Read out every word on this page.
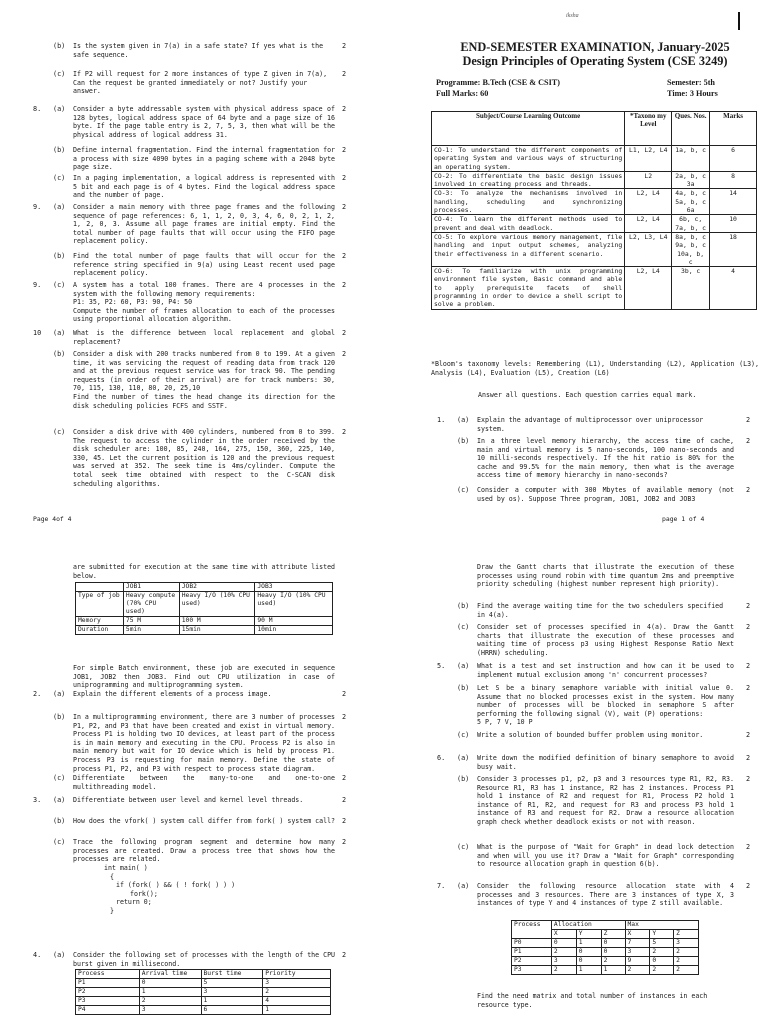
iksha
END-SEMESTER EXAMINATION, January-2025
Design Principles of Operating System (CSE 3249)
Programme: B.Tech (CSE & CSIT)	Semester: 5th
Full Marks: 60	Time: 3 Hours
Subject/Course Learning Outcome	*Taxono my Level	Ques. Nos.	Marks
CO-1: To understand the different components of operating System and various ways of structuring an operating system.	L1, L2, L4	1a, b, c	6
CO-2: To differentiate the basic design issues involved in creating process and threads.	L2	2a, b, c 3a	8
CO-3: To analyze the mechanisms involved in handling, scheduling and synchronizing processes.	L2, L4	4a, b, c 5a, b, c 6a	14
CO-4: To learn the different methods used to prevent and deal with deadlock.	L2, L4	6b, c, 7a, b, c	10
CO-5: To explore various memory management, file handling and input output schemes, analyzing their effectiveness in a different scenario.	L2, L3, L4	8a, b, c 9a, b, c 10a, b, c	18
CO-6: To familiarize with unix programming environment file system, Basic command and able to apply prerequisite facets of shell programming in order to device a shell script to solve a problem.	L2, L4	3b, c	4
*Bloom's taxonomy levels: Remembering (L1), Understanding (L2), Application (L3), Analysis (L4), Evaluation (L5), Creation (L6)
Answer all questions. Each question carries equal mark.
1. (a) Explain the advantage of multiprocessor over uniprocessor system.
2
(b) In a three level memory hierarchy, the access time of cache, main and virtual memory is 5 nano-seconds, 100 nano-seconds and 10 milli-seconds respectively. If the hit ratio is 80% for the cache and 99.5% for the main memory, then what is the average access time of memory hierarchy in nano-seconds?
2
(c) Consider a computer with 300 Mbytes of available memory (not used by os). Suppose Three program, JOB1, JOB2 and JOB3
2
page 1 of 4
(b) Is the system given in 7(a) in a safe state? If yes what is the safe sequence.
2
(c) If P2 will request for 2 more instances of type Z given in 7(a), Can the request be granted immediately or not? Justify your answer.
2
8. (a) Consider a byte addressable system with physical address space of 128 bytes, logical address space of 64 byte and a page size of 16 byte. If the page table entry is 2, 7, 5, 3, then what will be the physical address of logical address 31.
2
(b) Define internal fragmentation. Find the internal fragmentation for a process with size 4090 bytes in a paging scheme with a 2048 byte page size.
2
(c) In a paging implementation, a logical address is represented with 5 bit and each page is of 4 bytes. Find the logical address space and the number of page.
2
9. (a) Consider a main memory with three page frames and the following sequence of page references: 6, 1, 1, 2, 0, 3, 4, 6, 0, 2, 1, 2, 1, 2, 0, 3. Assume all page frames are initial empty. Find the total number of page faults that will occur using the FIFO page replacement policy.
2
(b) Find the total number of page faults that will occur for the reference string specified in 9(a) using Least recent used page replacement policy.
2
9. (c) A system has a total 100 frames. There are 4 processes in the system with the following memory requirements:
P1: 35, P2: 60, P3: 90, P4: 50
Compute the number of frames allocation to each of the processes using proportional allocation algorithm.
2
10 (a) What is the difference between local replacement and global replacement?
2
(b) Consider a disk with 200 tracks numbered from 0 to 199. At a given time, it was servicing the request of reading data from track 120 and at the previous request service was for track 90. The pending requests (in order of their arrival) are for track numbers: 30, 70, 115, 130, 110, 80, 20, 25,10
Find the number of times the head change its direction for the disk scheduling policies FCFS and SSTF.
2
(c) Consider a disk drive with 400 cylinders, numbered from 0 to 399. The request to access the cylinder in the order received by the disk scheduler are: 100, 85, 240, 164, 275, 150, 360, 225, 140, 330, 45. Let the current position is 120 and the previous request was served at 352. The seek time is 4ms/cylinder. Compute the total seek time obtained with respect to the C-SCAN disk scheduling algorithms.
2
Page 4of 4
are submitted for execution at the same time with attribute listed below.
	JOB1	JOB2	JOB3
Type of job	Heavy compute (70% CPU used)	Heavy I/O (10% CPU used)	Heavy I/O (10% CPU used)
Memory	75 M	100 M	90 M
Duration	5min	15min	10min
For simple Batch environment, these job are executed in sequence JOB1, JOB2 then JOB3. Find out CPU utilization in case of uniprogramming and multiprogramming system.
2. (a) Explain the different elements of a process image.	2
(b) In a multiprogramming environment, there are 3 number of processes P1, P2, and P3 that have been created and exist in virtual memory. Process P1 is holding two IO devices, at least part of the process is in main memory and executing in the CPU. Process P2 is also in main memory but wait for IO device which is held by process P1. Process P3 is requesting for main memory. Define the state of process P1, P2, and P3 with respect to process state diagram.
2
(c) Differentiate between the many-to-one and one-to-one multithreading model.
2
3. (a) Differentiate between user level and kernel level threads.	2
(b) How does the vfork( ) system call differ from fork( ) system call? 2
(c) Trace the following program segment and determine how many processes are created. Draw a process tree that shows how the processes are related.
2
int main( )
{
if (fork( ) && ( ! fork( ) ) )
fork();
return 0;
}
4. (a) Consider the following set of processes with the length of the CPU burst given in millisecond.
2
Process	Arrival time	Burst time	Priority
P1	0	5	3
P2	1	3	2
P3	2	1	4
P4	3	6	1
Draw the Gantt charts that illustrate the execution of these processes using round robin with time quantum 2ms and preemptive priority scheduling (highest number represent high priority).
(b) Find the average waiting time for the two schedulers specified in 4(a).
2
(c) Consider set of processes specified in 4(a). Draw the Gantt charts that illustrate the execution of these processes and waiting time of process p3 using Highest Response Ratio Next (HRRN) scheduling.
2
5. (a) What is a test and set instruction and how can it be used to implement mutual exclusion among 'n' concurrent processes?
2
(b) Let S be a binary semaphore variable with initial value 0. Assume that no blocked processes exist in the system. How many number of processes will be blocked in semaphore S after performing the following signal (V), wait (P) operations:
5 P, 7 V, 10 P
2
(c) Write a solution of bounded buffer problem using monitor.	2
6. (a) Write down the modified definition of binary semaphore to avoid busy wait.
2
(b) Consider 3 processes p1, p2, p3 and 3 resources type R1, R2, R3. Resource R1, R3 has 1 instance, R2 has 2 instances. Process P1 hold 1 instance of R2 and request for R1, Process P2 hold 1 instance of R1, R2, and request for R3 and process P3 hold 1 instance of R3 and request for R2. Draw a resource allocation graph check whether deadlock exists or not with reason.
2
(c) What is the purpose of "Wait for Graph" in dead lock detection and when will you use it? Draw a "Wait for Graph" corresponding to resource allocation graph in question 6(b).
2
7. (a) Consider the following resource allocation state with 4 processes and 3 resources. There are 3 instances of type X, 3 instances of type Y and 4 instances of type Z still available.
2
Process	Allocation			Max		
	X	Y	Z	X	Y	Z
P0	0	1	0	7	5	3
P1	2	0	0	3	2	2
P2	3	0	2	9	0	2
P3	2	1	1	2	2	2
Find the need matrix and total number of instances in each resource type.
